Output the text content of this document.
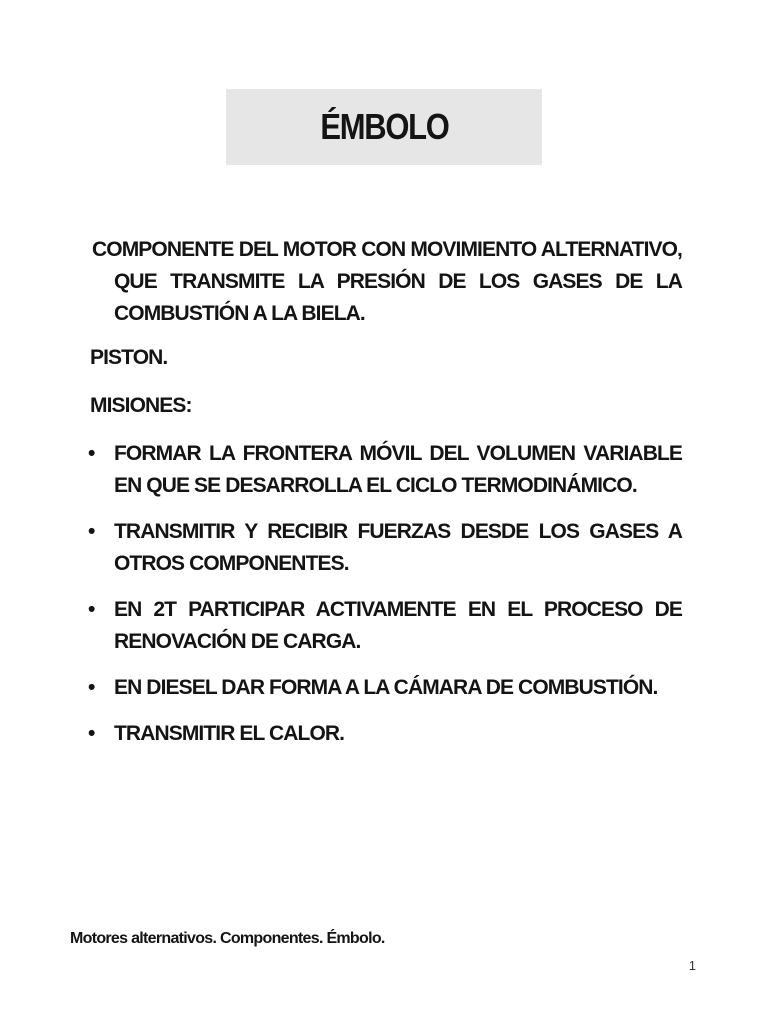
ÉMBOLO

COMPONENTE DEL MOTOR CON MOVIMIENTO ALTERNATIVO, QUE TRANSMITE LA PRESIÓN DE LOS GASES DE LA COMBUSTIÓN A LA BIELA.

PISTON.

MISIONES:

• FORMAR LA FRONTERA MÓVIL DEL VOLUMEN VARIABLE EN QUE SE DESARROLLA EL CICLO TERMODINÁMICO.
• TRANSMITIR Y RECIBIR FUERZAS DESDE LOS GASES A OTROS COMPONENTES.
• EN 2T PARTICIPAR ACTIVAMENTE EN EL PROCESO DE RENOVACIÓN DE CARGA.
• EN DIESEL DAR FORMA A LA CÁMARA DE COMBUSTIÓN.
• TRANSMITIR EL CALOR.
Motores alternativos. Componentes. Émbolo.
1
